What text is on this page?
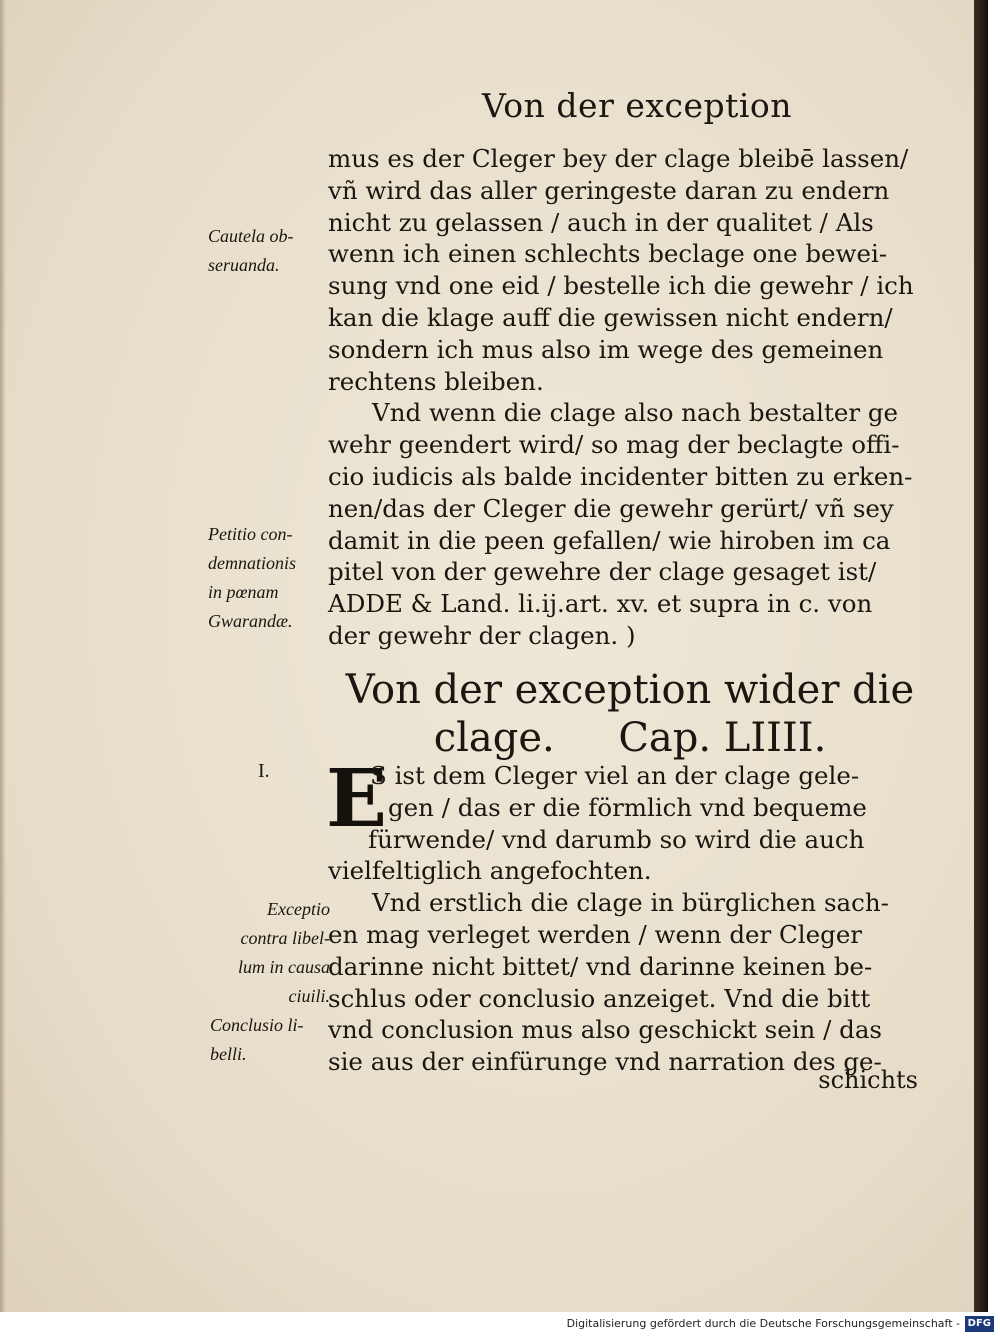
Von der exception
mus es der Cleger bey der clage bleibē lassen/
vñ wird das aller geringeste daran zu endern
nicht zu gelassen / auch in der qualitet / Als
wenn ich einen schlechts beclage one bewei-
sung vnd one eid / bestelle ich die gewehr / ich
kan die klage auff die gewissen nicht endern/
sondern ich mus also im wege des gemeinen
rechtens bleiben.
Vnd wenn die clage also nach bestalter ge
wehr geendert wird/ so mag der beclagte offi-
cio iudicis als balde incidenter bitten zu erken-
nen/das der Cleger die gewehr gerürt/ vñ sey
damit in die peen gefallen/ wie hiroben im ca
pitel von der gewehre der clage gesaget ist/
ADDE & Land. li.ij.art. xv. et supra in c. von
der gewehr der clagen. )
Cautela ob-
seruandа.
Petitio con-
demnationis
in pœnam
Gwarandæ.
Von der exception wider die
clage.     Cap. LIIII.
I. E
S ist dem Cleger viel an der clage gele-
gen / das er die förmlich vnd bequeme
fürwende/ vnd darumb so wird die auch
vielfeltiglich angefochten.
Vnd erstlich die clage in bürglichen sach-
en mag verleget werden / wenn der Cleger
darinne nicht bittet/ vnd darinne keinen be-
schlus oder conclusio anzeiget. Vnd die bitt
vnd conclusion mus also geschickt sein / das
sie aus der einfürunge vnd narration des ge-
Exceptio
contra libel-
lum in causa
ciuili.
Conclusio li-
belli.
schichts
Digitalisierung gefördert durch die Deutsche Forschungsgemeinschaft - DFG
